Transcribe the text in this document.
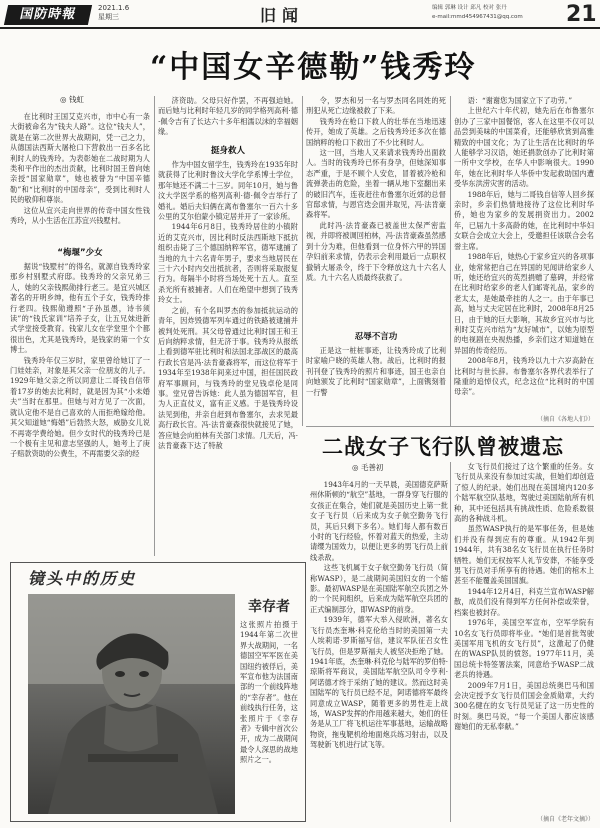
国防時報	2021.1.6
星期三	旧闻	编辑 郭琳 设计 邱凡 校对 张丹
e-mail:mmd454967431@qq.com 21
“中国女辛德勒”钱秀玲
◎ 钱虹

在比利时王国艾克兴市，市中心有一条大街被命名为“钱夫人路”。这位“钱夫人”，就是在第二次世界大战期间，凭一己之力，从德国法西斯大屠枪口下营救出一百多名比利时人的钱秀玲。为表彰她在二战时期为人类和平作出的杰出贡献，比利时国王曾向她亲授“国家勋章”，她也被誉为“中国辛德勒”和“比利时的中国母亲”，受到比利时人民的敬仰和尊崇。

这位从宜兴走向世界的传奇中国女性钱秀玲，从小生活在江苏宜兴钱墅村。

“梅堰”少女

据说“钱墅村”的得名，就源自钱秀玲家那乡村别墅式府邸。钱秀玲的父亲兄弟三人，她的父亲钱熙勋排行老三。是宜兴城区著名的开明乡绅，他有五个子女，钱秀玲排行老四。钱熙勋遵照“子孙虽愚，诗书须读”的“钱氏家训”培养子女，让五兄妹进新式学堂接受教育。钱家儿女在学堂里个个都很出色，尤其是钱秀玲，是钱家的第一个女博士。

钱秀玲年仅三岁时，家里曾给她订了一门娃娃亲，对象是其父亲一位朋友的儿子。1929年她父亲之所以同意让二哥钱自信带着17岁的她去比利时，就是因为其“小未婚夫”当时在那里。但她与对方见了一次面，就认定他不是自己喜欢的人而拒绝嫁给他。其父知道她“悔婚”后勃然大怒，威胁女儿说不再寄学费给她。但少女时代的钱秀玲已是一个极有主见和意志坚强的人，她考上了庚子赔款资助的公费生，不再需要父亲的经

济资助。父母只好作罢，不再强迫她。而后她与比利时年轻几岁的同学格列高利·德·佩令吉有了长达六十多年相濡以沫的幸福姻缘。

挺身救人

作为中国女留学生，钱秀玲在1935年时就获得了比利时鲁汶大学化学系博士学位，那年她还不满二十三岁。同年10月，她与鲁汶大学医学系的格列高利·德·佩令吉举行了婚礼。婚后夫妇俩在离布鲁塞尔一百六十多公里的艾尔伯蒙小镇定居并开了一家诊所。

1944年6月8日，钱秀玲居住的小镇附近的艾克兴市，因比利时反法西斯地下抵抗组织击毙了三个德国纳粹军官，德军逮捕了当地的九十六名青年男子，要求当地居民在三十六小时内交出抵抗者，否则将采取报复行为。每隔半小时将当场处死十五人。直至杀光所有被捕者。人们在绝望中想到了钱秀玲女士。

之前，有个名叫罗杰的参加抵抗运动的青年，因炸毁德军列车通过的铁路被逮捕并被判处死刑。其父母曾通过比利时国王和王后向纳粹求情，但无济于事。钱秀玲从报纸上看到德军驻比利时和法国北部战区的最高行政长官是冯·法肯豪森将军，而这位将军于1934年至1938年间来过中国，担任国民政府军事顾问，与钱秀玲的堂兄钱卓伦是同事。堂兄曾告诉她：此人虽为德国军官，但为人正直仗义，富有正义感。于是钱秀玲设法见到他，并亲自赶到布鲁塞尔，去求见最高行政长官。冯·法肯豪森很快就接见了她，答应她会向柏林有关部门求情。几天后，冯·法肯豪森下达了特赦

令，罗杰和另一名与罗杰同名同姓的死刑犯从死亡边缘被救了下来。

钱秀玲在枪口下救人的壮举在当地迅速传开，她成了英雄。之后钱秀玲还多次在德国纳粹的枪口下救出了不少比利时人。

这一回，当地人又来请求钱秀玲出面救人。当时的钱秀玲已怀有身孕，但她深知事态严重，于是不顾个人安危，冒着被冷枪和流弹袭击的危险，坐着一辆从地下室翻出来的破旧汽车，连夜赶往布鲁塞尔近郊的总督官邸求情，与恩官迭会面并取见，冯·法肯豪森将军。

此时冯·法肯豪森已被盖世太保严密监视，并即将被调回柏林，冯·法肯豪森虽然感到十分为难，但他看到一位身怀六甲的异国孕妇前来求情，仍表示会利用最后一点职权撤销大屠杀令，终于下令释放这九十六名人质。九十六名人质最终获救了。

忍辱不言功

正是这一桩桩事迹，让钱秀玲成了比利时家喻户晓的英雄人物。战后，比利时的报刊刊登了钱秀玲的照片和事迹，国王也亲自向她颁发了比利时“国家勋章”，上面镌刻着一行警

语：“谢谢您为国家立下了功劳。”

上世纪六十年代初，她先后在布鲁塞尔创办了三家中国餐馆，客人在这里不仅可以品尝到美味的中国菜肴，还能够欣赏到高雅精致的中国文化；为了让生活在比利时的华人能够学习汉语，她还捐款创办了比利时第一所中文学校，在华人中影响很大。1990年，她在比利时华人华侨中发起救助国内遭受华东洪涝灾害的活动。

1988年后，她与二哥钱自信等人回乡探亲时，乡亲们热情地接待了这位比利时华侨，她也为家乡的发展捐资出力。2002年，已届九十多高龄的她，在比利时中华妇女联合会成立大会上，受邀担任该联合会名誉主席。

1988年后，她热心于家乡宜兴的各项事业，她常常把自己在异国的见闻讲给家乡人听，她还给宜兴的英烈捐赠了墓碑，并经常在比利时给家乡的老人们邮寄礼品，家乡的老太太，是她最牵挂的人之一。由于年事已高，她与丈夫定居在比利时，2008年8月25日，由于她的巨大影响，其故乡宜兴市与比利时艾克兴市结为“友好城市”，以她为原型的电视剧在央视热播，乡亲们这才知道她在异国的传奇经历。

2008年8月，钱秀玲以九十六岁高龄在比利时与世长辞。布鲁塞尔各界代表举行了隆重的追悼仪式，纪念这位“比利时的中国母亲”。

（摘自《各地人们》）
二战女子飞行队曾被遗忘
◎ 毛善初

1943年4月的一天早晨，美国德克萨斯州休斯顿的“航空”基地，一群身穿飞行服的女孩正在集合，她们就是美国历史上第一批女子飞行员（后来成为女子航空勤务飞行员，其后只剩下多名）。她们每人都有数百小时的飞行经验，怀着对蓝天的热爱，主动请缨为国效力，以便让更多的男飞行员上前线杀敌。

这些飞机属于女子航空勤务飞行员（简称WASP），是二战期间美国妇女的一个缩影。最初WASP是在美国陆军航空兵团之外的一个民间组织，后来成为陆军航空兵团的正式编制部分，即WASP的前身。

1939年，德军大举入侵欧洲，著名女飞行员杰奎琳·科克伦给当时的美国第一夫人埃莉诺·罗斯福写信，建议军队征召女性飞行员，但是罗斯福夫人被坚决拒绝了她。1941年底，杰奎琳·科克伦与陆军的罗伯特·琼斯将军商议，美国陆军航空队司令亨利·阿诺德才终于采纳了她的建议。然而这时美国陆军的飞行员已经不足，阿诺德将军最终同意成立WASP，随着更多的男性走上战场，WASP发挥的作用越来越大，她们的任务是从工厂将飞机运往军事基地，运输战略物资，拖曳靶机给地面炮兵练习射击，以及驾驶新飞机进行试飞等。

女飞行员们接过了这个繁重的任务。女飞行员从来没有参加过实战，但她们却创造了惊人的纪录。她们出现在美国境内120多个陆军航空队基地，驾驶过美国陆航所有机种，其中还包括具有挑战性质、危险系数很高的各种战斗机。

虽然WASP执行的是军事任务，但是她们并没有得到应有的尊重。从1942年到1944年，共有38名女飞行员在执行任务时牺牲。她们无权按军人礼节安葬，不能享受男飞行员对手所享有的待遇。她们的棺木上甚至不能覆盖美国国旗。

1944年12月4日，科克兰宣布WASP解散，成员们没有得到军方任何补偿或荣誉，档案也被封存。

1976年，美国空军宣布，空军学院有10名女飞行员即将毕业。“她们是首批驾驶美国军用飞机的女飞行员”，这激起了仍健在的WASP队员的愤怒。1977年11月，美国总统卡特签署法案，同意给予WASP二战老兵的待遇。

2009年7月1日，美国总统奥巴马和国会决定授予女飞行员们国会金质勋章，大约300名健在的女飞行员见证了这一历史性的时刻。奥巴马说，“每一个美国人都应该感谢她们的无私奉献。”

（摘自《老年文摘》）
镜头中的历史
幸存者
这张照片拍摄于1944年第二次世界大战期间，一名德国空军军医在美国纽约被俘后，美军宣布他为法国南部的一个前线阵地的“幸存者”。他在前线执行任务，这张照片于《幸存者》专辑中首次公开，成为二战期间最令人深思的战地照片之一。
